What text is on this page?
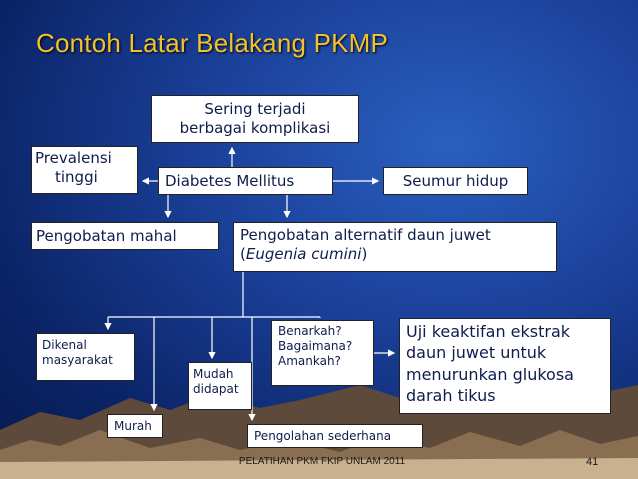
Contoh Latar Belakang PKMP
Sering terjadi
berbagai komplikasi
Prevalensi
tinggi	Diabetes Mellitus	Seumur hidup
Pengobatan mahal	Pengobatan alternatif daun juwet
(Eugenia cumini)
Uji keaktifan ekstrak
daun juwet untuk
menurunkan glukosa
darah tikus
Dikenal
masyarakat
Benarkah?
Bagaimana?
Amankah?
Mudah
didapat
Murah
Pengolahan sederhana
PELATIHAN PKM FKIP UNLAM 2011	41
